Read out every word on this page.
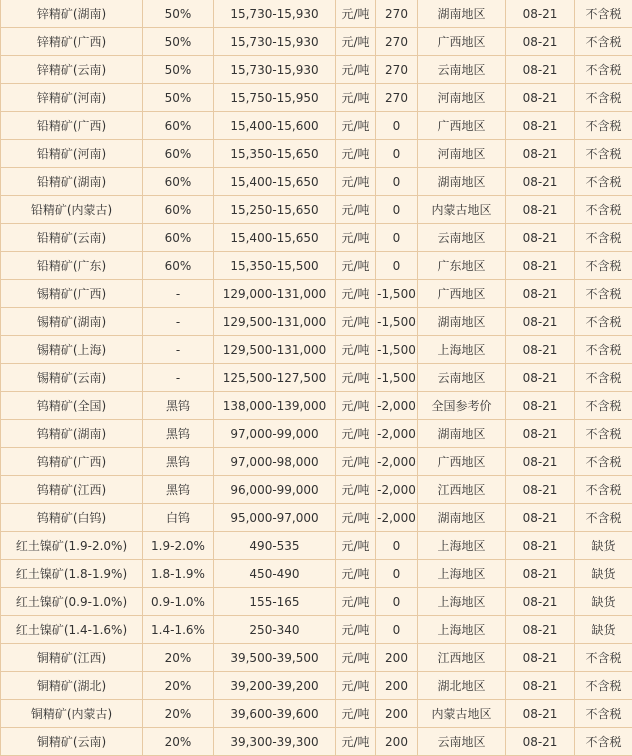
锌精矿(湖南)	50%	15,730-15,930	元/吨	270	湖南地区	08-21	不含税
锌精矿(广西)	50%	15,730-15,930	元/吨	270	广西地区	08-21	不含税
锌精矿(云南)	50%	15,730-15,930	元/吨	270	云南地区	08-21	不含税
锌精矿(河南)	50%	15,750-15,950	元/吨	270	河南地区	08-21	不含税
铅精矿(广西)	60%	15,400-15,600	元/吨	0	广西地区	08-21	不含税
铅精矿(河南)	60%	15,350-15,650	元/吨	0	河南地区	08-21	不含税
铅精矿(湖南)	60%	15,400-15,650	元/吨	0	湖南地区	08-21	不含税
铅精矿(内蒙古)	60%	15,250-15,650	元/吨	0	内蒙古地区	08-21	不含税
铅精矿(云南)	60%	15,400-15,650	元/吨	0	云南地区	08-21	不含税
铅精矿(广东)	60%	15,350-15,500	元/吨	0	广东地区	08-21	不含税
锡精矿(广西)	-	129,000-131,000	元/吨	-1,500	广西地区	08-21	不含税
锡精矿(湖南)	-	129,500-131,000	元/吨	-1,500	湖南地区	08-21	不含税
锡精矿(上海)	-	129,500-131,000	元/吨	-1,500	上海地区	08-21	不含税
锡精矿(云南)	-	125,500-127,500	元/吨	-1,500	云南地区	08-21	不含税
钨精矿(全国)	黑钨	138,000-139,000	元/吨	-2,000	全国参考价	08-21	不含税
钨精矿(湖南)	黑钨	97,000-99,000	元/吨	-2,000	湖南地区	08-21	不含税
钨精矿(广西)	黑钨	97,000-98,000	元/吨	-2,000	广西地区	08-21	不含税
钨精矿(江西)	黑钨	96,000-99,000	元/吨	-2,000	江西地区	08-21	不含税
钨精矿(白钨)	白钨	95,000-97,000	元/吨	-2,000	湖南地区	08-21	不含税
红土镍矿(1.9-2.0%)	1.9-2.0%	490-535	元/吨	0	上海地区	08-21	缺货
红土镍矿(1.8-1.9%)	1.8-1.9%	450-490	元/吨	0	上海地区	08-21	缺货
红土镍矿(0.9-1.0%)	0.9-1.0%	155-165	元/吨	0	上海地区	08-21	缺货
红土镍矿(1.4-1.6%)	1.4-1.6%	250-340	元/吨	0	上海地区	08-21	缺货
铜精矿(江西)	20%	39,500-39,500	元/吨	200	江西地区	08-21	不含税
铜精矿(湖北)	20%	39,200-39,200	元/吨	200	湖北地区	08-21	不含税
铜精矿(内蒙古)	20%	39,600-39,600	元/吨	200	内蒙古地区	08-21	不含税
铜精矿(云南)	20%	39,300-39,300	元/吨	200	云南地区	08-21	不含税
